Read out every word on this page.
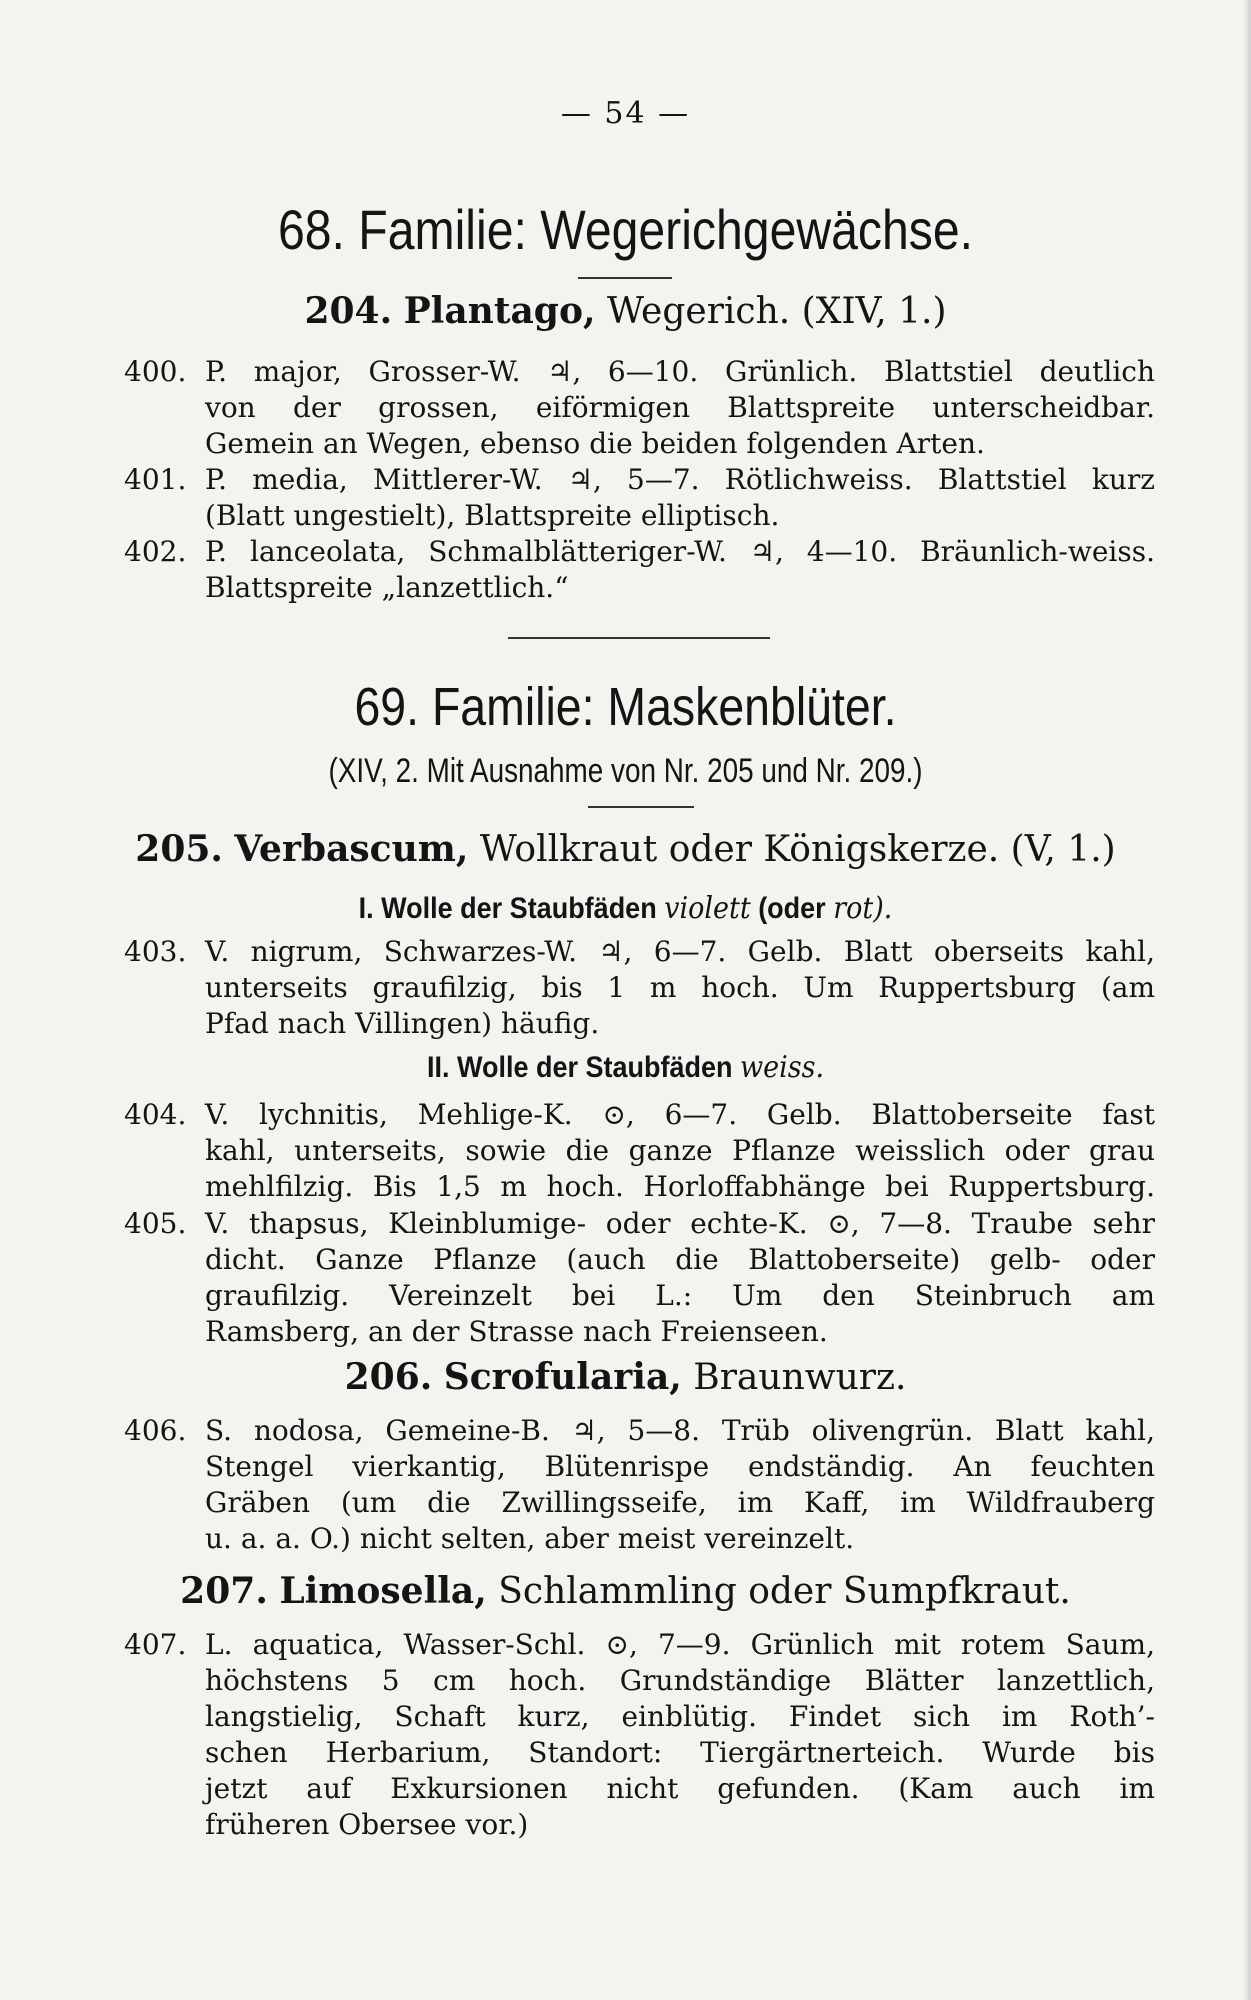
— 54 —
68. Familie: Wegerichgewächse.
204. Plantago, Wegerich. (XIV, 1.)
400. P. major, Grosser-W. ♃, 6—10. Grünlich. Blattstiel deutlich
von der grossen, eiförmigen Blattspreite unterscheidbar.
Gemein an Wegen, ebenso die beiden folgenden Arten.
401. P. media, Mittlerer-W. ♃, 5—7. Rötlichweiss. Blattstiel kurz
(Blatt ungestielt), Blattspreite elliptisch.
402. P. lanceolata, Schmalblätteriger-W. ♃, 4—10. Bräunlich-weiss.
Blattspreite „lanzettlich.“
69. Familie: Maskenblüter.
(XIV, 2. Mit Ausnahme von Nr. 205 und Nr. 209.)
205. Verbascum, Wollkraut oder Königskerze. (V, 1.)
I. Wolle der Staubfäden violett (oder rot).
403. V. nigrum, Schwarzes-W. ♃, 6—7. Gelb. Blatt oberseits kahl,
unterseits graufilzig, bis 1 m hoch. Um Ruppertsburg (am
Pfad nach Villingen) häufig.
II. Wolle der Staubfäden weiss.
404. V. lychnitis, Mehlige-K. ⊙, 6—7. Gelb. Blattoberseite fast
kahl, unterseits, sowie die ganze Pflanze weisslich oder grau
mehlfilzig. Bis 1,5 m hoch. Horloffabhänge bei Ruppertsburg.
405. V. thapsus, Kleinblumige- oder echte-K. ⊙, 7—8. Traube sehr
dicht. Ganze Pflanze (auch die Blattoberseite) gelb- oder
graufilzig. Vereinzelt bei L.: Um den Steinbruch am
Ramsberg, an der Strasse nach Freienseen.
206. Scrofularia, Braunwurz.
406. S. nodosa, Gemeine-B. ♃, 5—8. Trüb olivengrün. Blatt kahl,
Stengel vierkantig, Blütenrispe endständig. An feuchten
Gräben (um die Zwillingsseife, im Kaff, im Wildfrauberg
u. a. a. O.) nicht selten, aber meist vereinzelt.
207. Limosella, Schlammling oder Sumpfkraut.
407. L. aquatica, Wasser-Schl. ⊙, 7—9. Grünlich mit rotem Saum,
höchstens 5 cm hoch. Grundständige Blätter lanzettlich,
langstielig, Schaft kurz, einblütig. Findet sich im Roth’-
schen Herbarium, Standort: Tiergärtnerteich. Wurde bis
jetzt auf Exkursionen nicht gefunden. (Kam auch im
früheren Obersee vor.)
